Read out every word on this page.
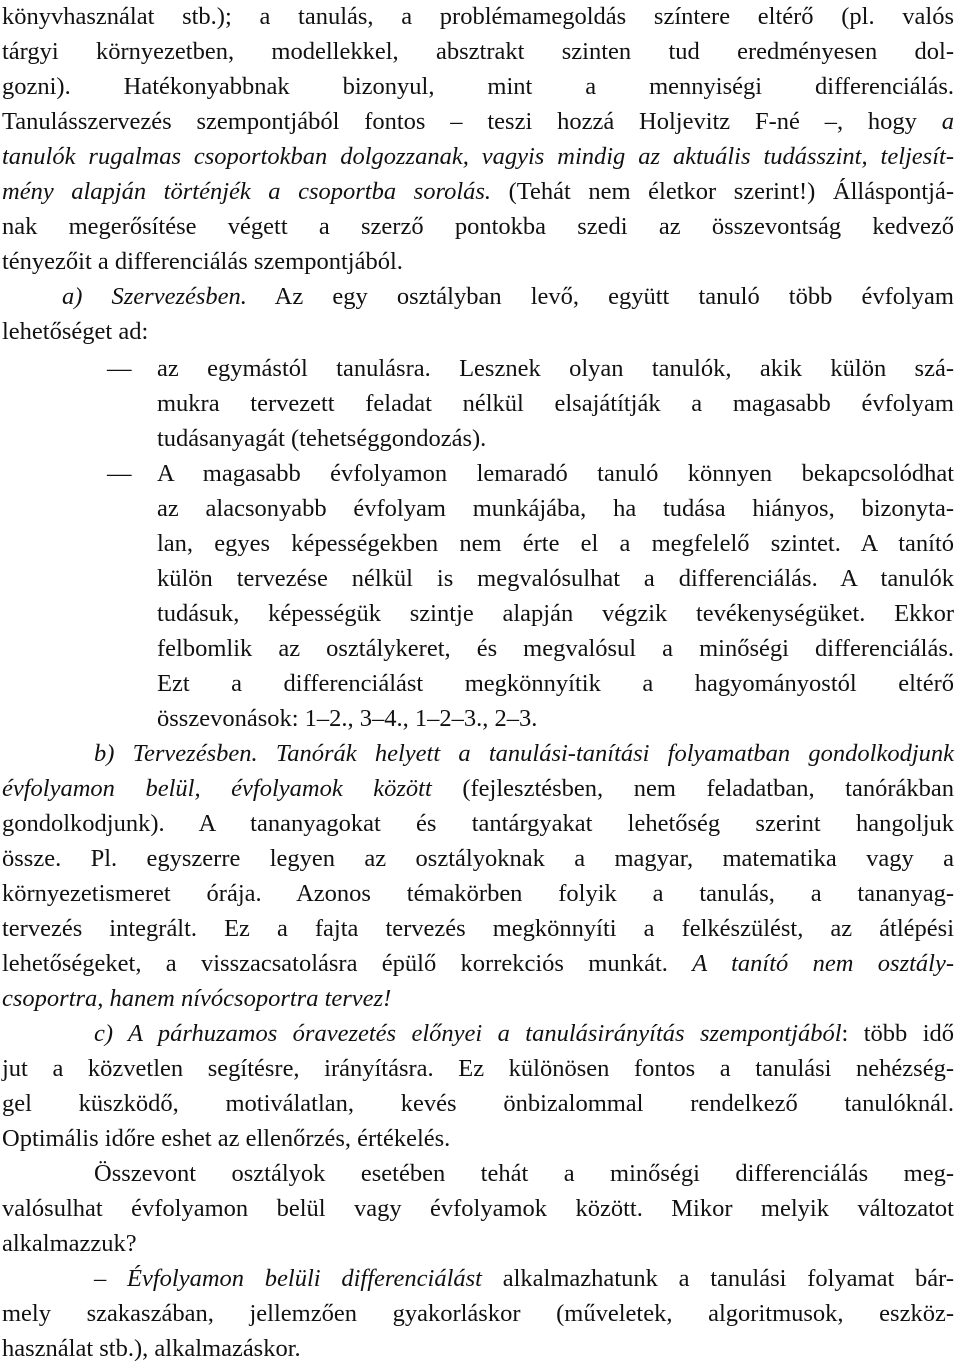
könyvhasználat stb.); a tanulás, a problémamegoldás színtere eltérő (pl. valós
tárgyi környezetben, modellekkel, absztrakt szinten tud eredményesen dol-
gozni). Hatékonyabbnak bizonyul, mint a mennyiségi differenciálás.
Tanulásszervezés szempontjából fontos – teszi hozzá Holjevitz F-né –, hogy a
tanulók rugalmas csoportokban dolgozzanak, vagyis mindig az aktuális tudásszint, teljesít-
mény alapján történjék a csoportba sorolás. (Tehát nem életkor szerint!) Álláspontjá-
nak megerősítése végett a szerző pontokba szedi az összevontság kedvező
tényezőit a differenciálás szempontjából.
a) Szervezésben. Az egy osztályban levő, együtt tanuló több évfolyam
lehetőséget ad:
— az egymástól tanulásra. Lesznek olyan tanulók, akik külön szá-
mukra tervezett feladat nélkül elsajátítják a magasabb évfolyam
tudásanyagát (tehetséggondozás).
— A magasabb évfolyamon lemaradó tanuló könnyen bekapcsolódhat
az alacsonyabb évfolyam munkájába, ha tudása hiányos, bizonyta-
lan, egyes képességekben nem érte el a megfelelő szintet. A tanító
külön tervezése nélkül is megvalósulhat a differenciálás. A tanulók
tudásuk, képességük szintje alapján végzik tevékenységüket. Ekkor
felbomlik az osztálykeret, és megvalósul a minőségi differenciálás.
Ezt a differenciálást megkönnyítik a hagyományostól eltérő
összevonások: 1–2., 3–4., 1–2–3., 2–3.
b) Tervezésben. Tanórák helyett a tanulási-tanítási folyamatban gondolkodjunk
évfolyamon belül, évfolyamok között (fejlesztésben, nem feladatban, tanórákban
gondolkodjunk). A tananyagokat és tantárgyakat lehetőség szerint hangoljuk
össze. Pl. egyszerre legyen az osztályoknak a magyar, matematika vagy a
környezetismeret órája. Azonos témakörben folyik a tanulás, a tananyag-
tervezés integrált. Ez a fajta tervezés megkönnyíti a felkészülést, az átlépési
lehetőségeket, a visszacsatolásra épülő korrekciós munkát. A tanító nem osztály-
csoportra, hanem nívócsoportra tervez!
c) A párhuzamos óravezetés előnyei a tanulásirányítás szempontjából: több idő
jut a közvetlen segítésre, irányításra. Ez különösen fontos a tanulási nehézség-
gel küszködő, motiválatlan, kevés önbizalommal rendelkező tanulóknál.
Optimális időre eshet az ellenőrzés, értékelés.
Összevont osztályok esetében tehát a minőségi differenciálás meg-
valósulhat évfolyamon belül vagy évfolyamok között. Mikor melyik változatot
alkalmazzuk?
– Évfolyamon belüli differenciálást alkalmazhatunk a tanulási folyamat bár-
mely szakaszában, jellemzően gyakorláskor (műveletek, algoritmusok, eszköz-
használat stb.), alkalmazáskor.
